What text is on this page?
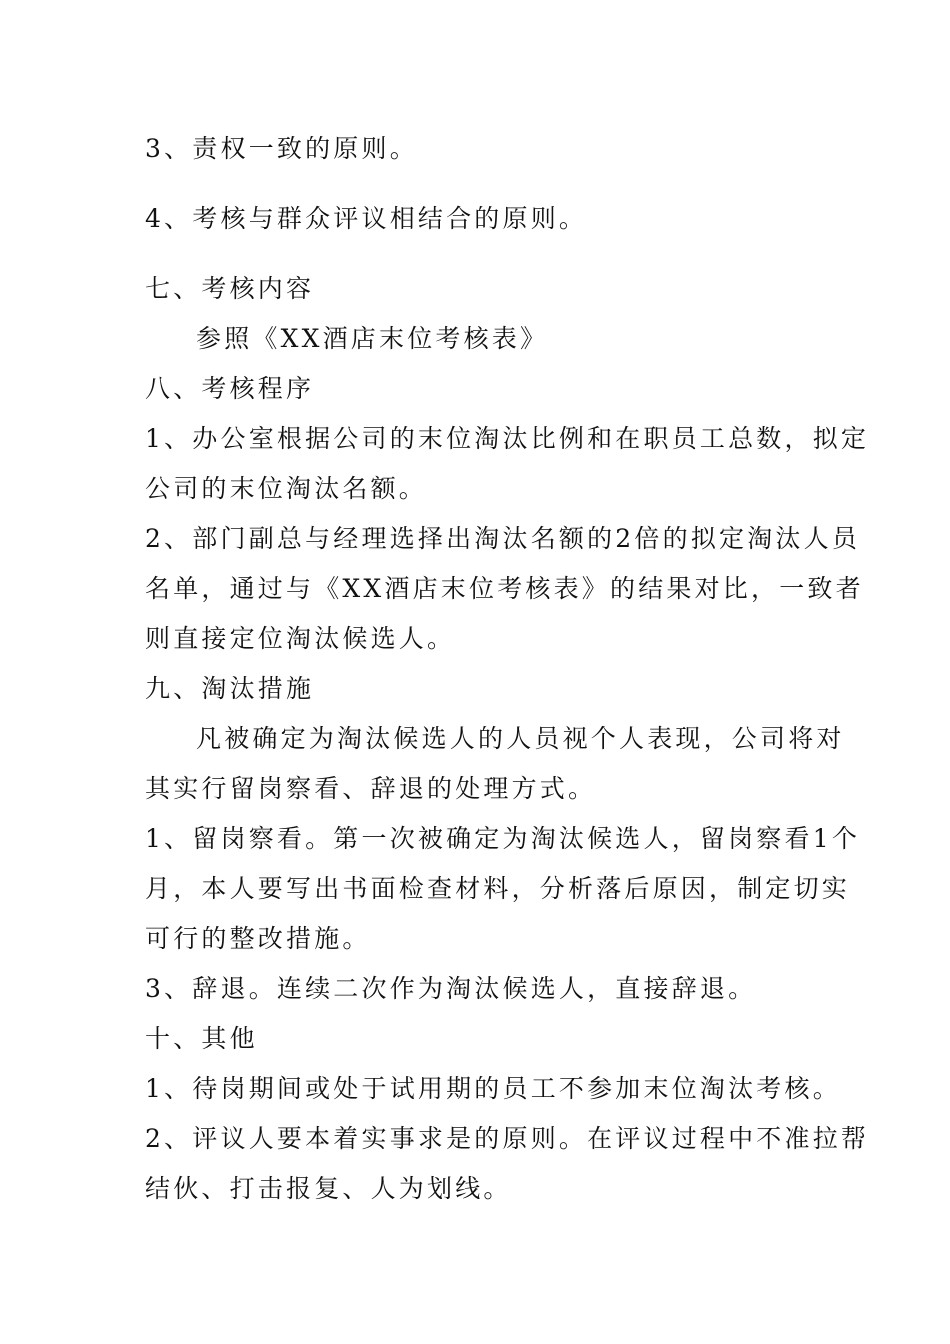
3、责权一致的原则。
4、考核与群众评议相结合的原则。
七、考核内容
参照《XX酒店末位考核表》
八、考核程序
1、办公室根据公司的末位淘汰比例和在职员工总数，拟定
公司的末位淘汰名额。
2、部门副总与经理选择出淘汰名额的2倍的拟定淘汰人员
名单，通过与《XX酒店末位考核表》的结果对比，一致者
则直接定位淘汰候选人。
九、淘汰措施
凡被确定为淘汰候选人的人员视个人表现，公司将对
其实行留岗察看、辞退的处理方式。
1、留岗察看。第一次被确定为淘汰候选人，留岗察看1个
月，本人要写出书面检查材料，分析落后原因，制定切实
可行的整改措施。
3、辞退。连续二次作为淘汰候选人，直接辞退。
十、其他
1、待岗期间或处于试用期的员工不参加末位淘汰考核。
2、评议人要本着实事求是的原则。在评议过程中不准拉帮
结伙、打击报复、人为划线。
